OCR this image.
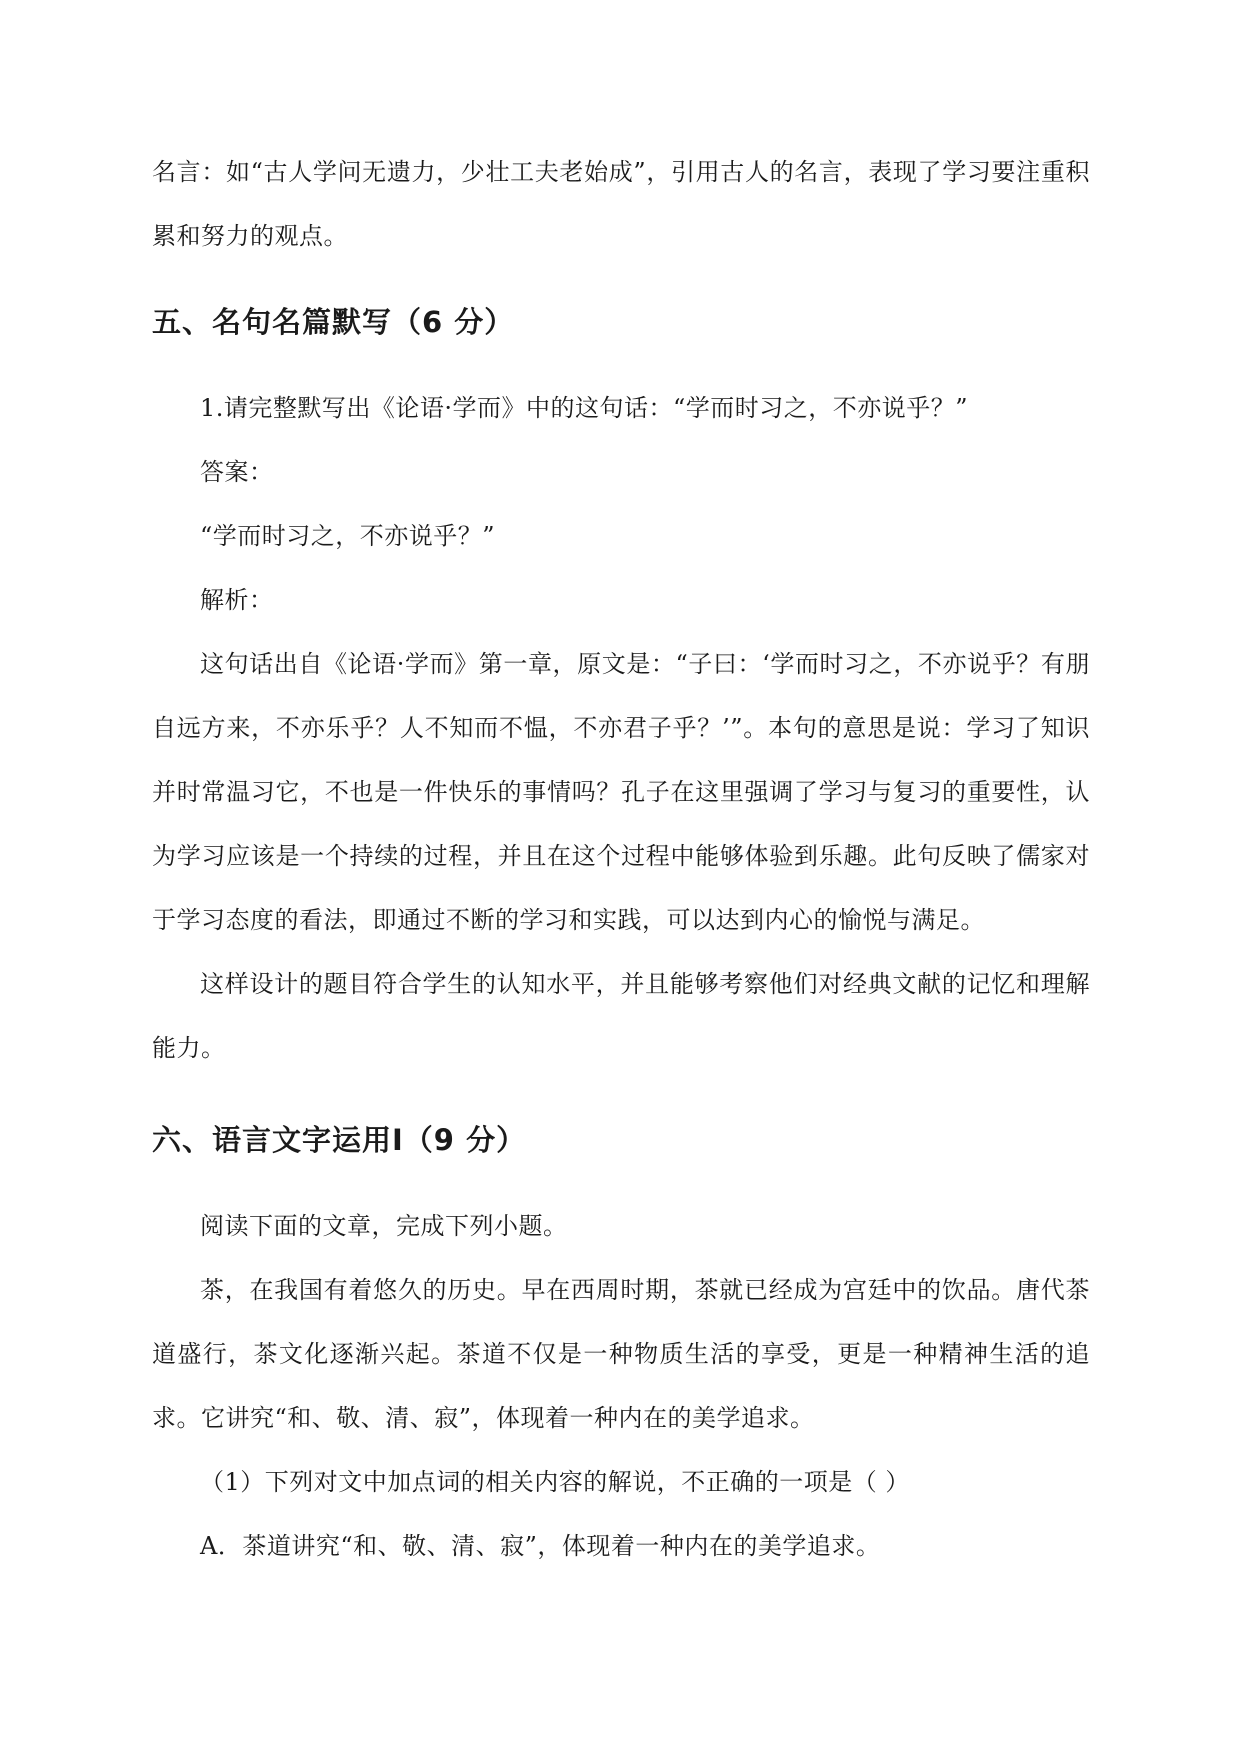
名言：如“古人学问无遗力，少壮工夫老始成”，引用古人的名言，表现了学习要注重积累和努力的观点。

五、名句名篇默写（6 分）

1.请完整默写出《论语·学而》中的这句话：“学而时习之，不亦说乎？”

答案：

“学而时习之，不亦说乎？”

解析：

这句话出自《论语·学而》第一章，原文是：“子曰：‘学而时习之，不亦说乎？有朋自远方来，不亦乐乎？人不知而不愠，不亦君子乎？’”。本句的意思是说：学习了知识并时常温习它，不也是一件快乐的事情吗？孔子在这里强调了学习与复习的重要性，认为学习应该是一个持续的过程，并且在这个过程中能够体验到乐趣。此句反映了儒家对于学习态度的看法，即通过不断的学习和实践，可以达到内心的愉悦与满足。

这样设计的题目符合学生的认知水平，并且能够考察他们对经典文献的记忆和理解能力。

六、语言文字运用Ⅰ（9 分）

阅读下面的文章，完成下列小题。

茶，在我国有着悠久的历史。早在西周时期，茶就已经成为宫廷中的饮品。唐代茶道盛行，茶文化逐渐兴起。茶道不仅是一种物质生活的享受，更是一种精神生活的追求。它讲究“和、敬、清、寂”，体现着一种内在的美学追求。

（1）下列对文中加点词的相关内容的解说，不正确的一项是（ ）

A．茶道讲究“和、敬、清、寂”，体现着一种内在的美学追求。
